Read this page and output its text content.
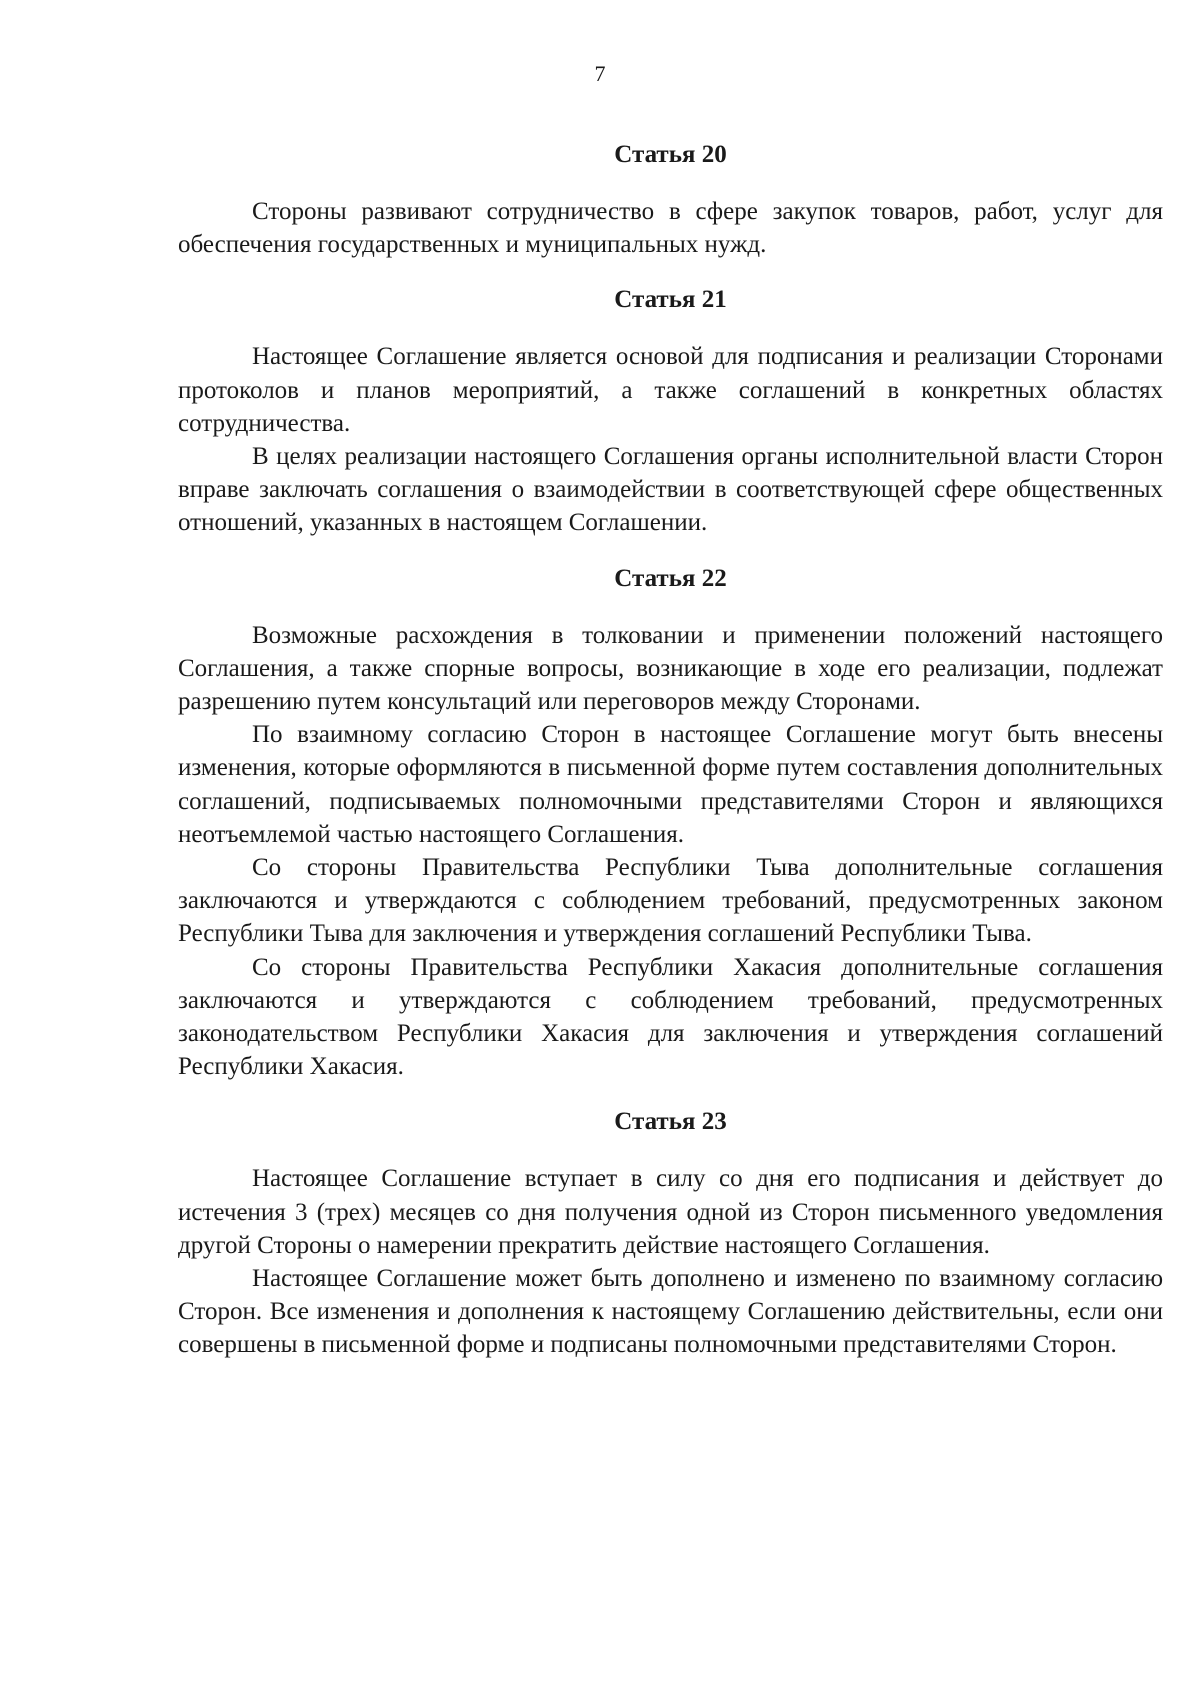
7
Статья 20

Стороны развивают сотрудничество в сфере закупок товаров, работ, услуг для обеспечения государственных и муниципальных нужд.

Статья 21

Настоящее Соглашение является основой для подписания и реализации Сторонами протоколов и планов мероприятий, а также соглашений в конкретных областях сотрудничества.

В целях реализации настоящего Соглашения органы исполнительной власти Сторон вправе заключать соглашения о взаимодействии в соответствующей сфере общественных отношений, указанных в настоящем Соглашении.

Статья 22

Возможные расхождения в толковании и применении положений настоящего Соглашения, а также спорные вопросы, возникающие в ходе его реализации, подлежат разрешению путем консультаций или переговоров между Сторонами.

По взаимному согласию Сторон в настоящее Соглашение могут быть внесены изменения, которые оформляются в письменной форме путем составления дополнительных соглашений, подписываемых полномочными представителями Сторон и являющихся неотъемлемой частью настоящего Соглашения.

Со стороны Правительства Республики Тыва дополнительные соглашения заключаются и утверждаются с соблюдением требований, предусмотренных законом Республики Тыва для заключения и утверждения соглашений Республики Тыва.

Со стороны Правительства Республики Хакасия дополнительные соглашения заключаются и утверждаются с соблюдением требований, предусмотренных законодательством Республики Хакасия для заключения и утверждения соглашений Республики Хакасия.

Статья 23

Настоящее Соглашение вступает в силу со дня его подписания и действует до истечения 3 (трех) месяцев со дня получения одной из Сторон письменного уведомления другой Стороны о намерении прекратить действие настоящего Соглашения.

Настоящее Соглашение может быть дополнено и изменено по взаимному согласию Сторон. Все изменения и дополнения к настоящему Соглашению действительны, если они совершены в письменной форме и подписаны полномочными представителями Сторон.
